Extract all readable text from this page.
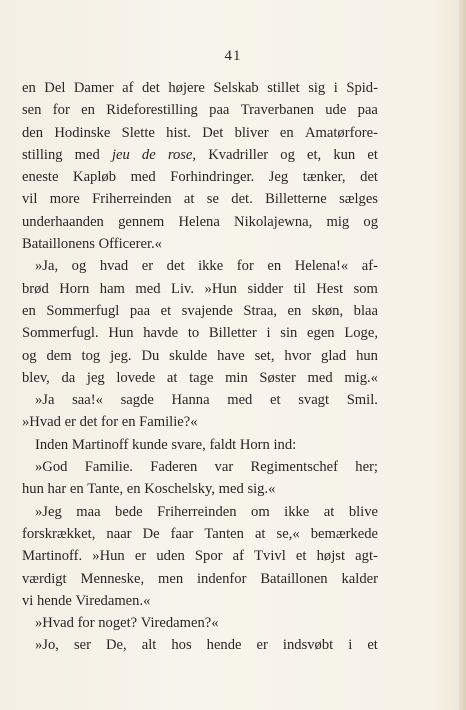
41
en Del Damer af det højere Selskab stillet sig i Spid-
sen for en Rideforestilling paa Traverbanen ude paa
den Hodinske Slette hist. Det bliver en Amatørfore-
stilling med jeu de rose, Kvadriller og et, kun et
eneste Kapløb med Forhindringer. Jeg tænker, det
vil more Friherreinden at se det. Billetterne sælges
underhaanden gennem Helena Nikolajewna, mig og
Bataillonens Officerer.«
»Ja, og hvad er det ikke for en Helena!« af-
brød Horn ham med Liv. »Hun sidder til Hest som
en Sommerfugl paa et svajende Straa, en skøn, blaa
Sommerfugl. Hun havde to Billetter i sin egen Loge,
og dem tog jeg. Du skulde have set, hvor glad hun
blev, da jeg lovede at tage min Søster med mig.«
»Ja saa!« sagde Hanna med et svagt Smil.
»Hvad er det for en Familie?«
Inden Martinoff kunde svare, faldt Horn ind:
»God Familie. Faderen var Regimentschef her;
hun har en Tante, en Koschelsky, med sig.«
»Jeg maa bede Friherreinden om ikke at blive
forskrækket, naar De faar Tanten at se,« bemærkede
Martinoff. »Hun er uden Spor af Tvivl et højst agt-
værdigt Menneske, men indenfor Bataillonen kalder
vi hende Viredamen.«
»Hvad for noget? Viredamen?«
»Jo, ser De, alt hos hende er indsvøbt i et
